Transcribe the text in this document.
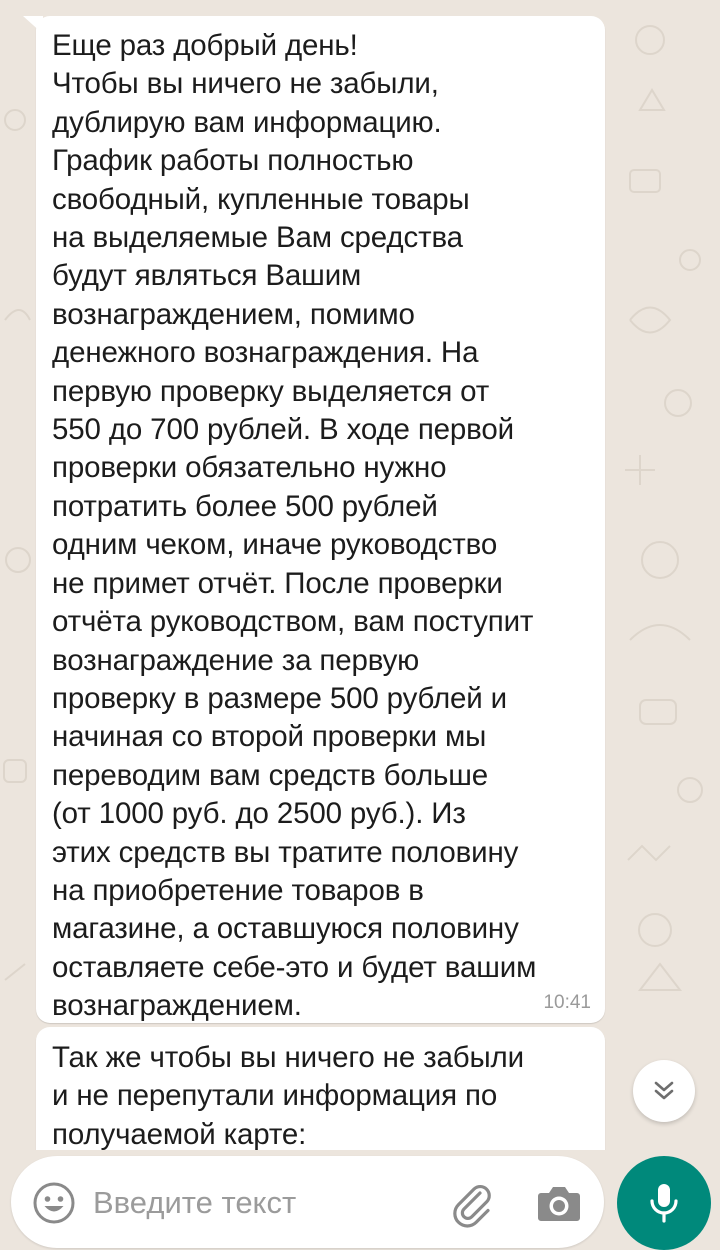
Еще раз добрый день!
Чтобы вы ничего не забыли,
дублирую вам информацию.
График работы полностью
свободный, купленные товары
на выделяемые Вам средства
будут являться Вашим
вознаграждением, помимо
денежного вознаграждения. На
первую проверку выделяется от
550 до 700 рублей. В ходе первой
проверки обязательно нужно
потратить более 500 рублей
одним чеком, иначе руководство
не примет отчёт. После проверки
отчёта руководством, вам поступит
вознаграждение за первую
проверку в размере 500 рублей и
начиная со второй проверки мы
переводим вам средств больше
(от 1000 руб. до 2500 руб.). Из
этих средств вы тратите половину
на приобретение товаров в
магазине, а оставшуюся половину
оставляете себе-это и будет вашим
вознаграждением.	10:41
Так же чтобы вы ничего не забыли
и не перепутали информация по
получаемой карте:
Введите текст
